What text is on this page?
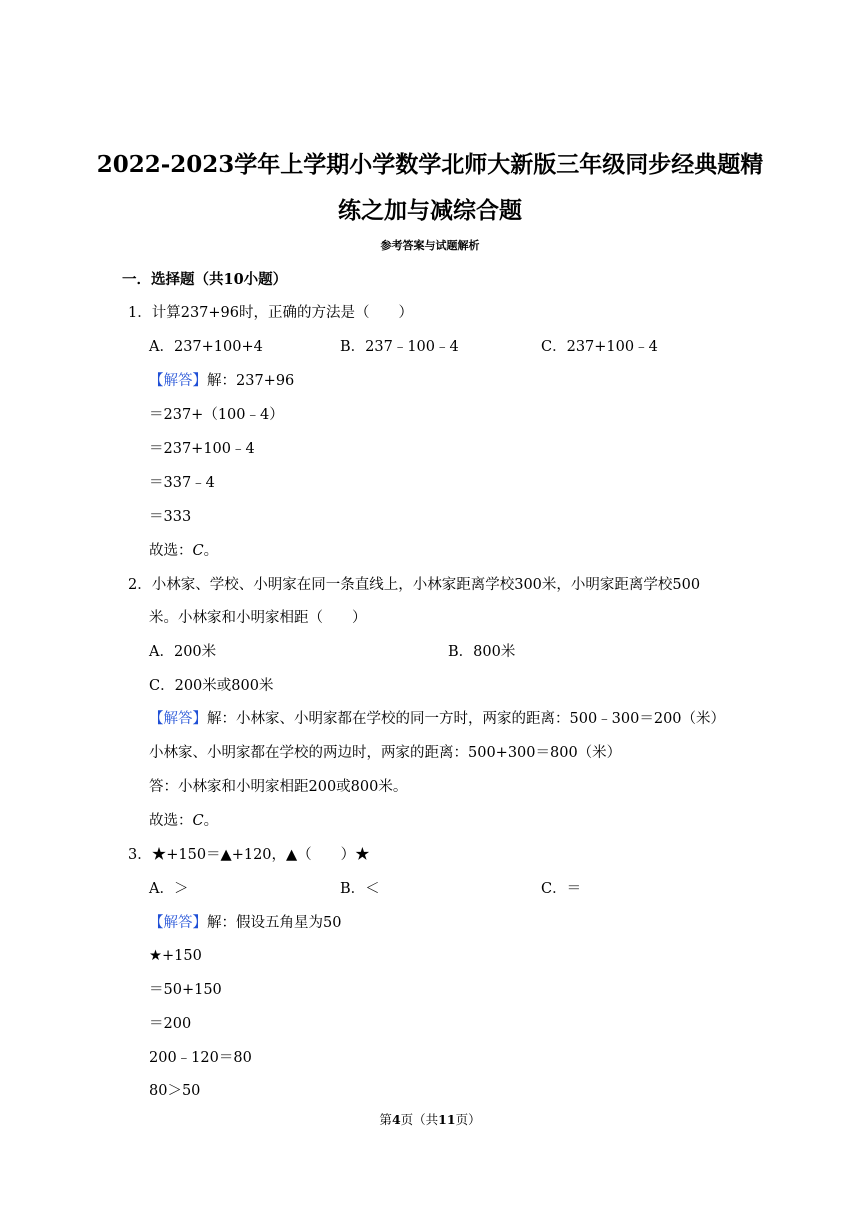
2022-2023学年上学期小学数学北师大新版三年级同步经典题精
练之加与减综合题
参考答案与试题解析
一．选择题（共10小题）
1．计算237+96时，正确的方法是（　　）
A．237+100+4	B．237﹣100﹣4	C．237+100﹣4
【解答】解：237+96
＝237+（100﹣4）
＝237+100﹣4
＝337﹣4
＝333
故选：C。
2．小林家、学校、小明家在同一条直线上，小林家距离学校300米，小明家距离学校500
米。小林家和小明家相距（　　）
A．200米	B．800米
C．200米或800米
【解答】解：小林家、小明家都在学校的同一方时，两家的距离：500﹣300＝200（米）
小林家、小明家都在学校的两边时，两家的距离：500+300＝800（米）
答：小林家和小明家相距200或800米。
故选：C。
3．★+150＝▲+120，▲（　　）★
A．＞	B．＜	C．＝
【解答】解：假设五角星为50
★+150
＝50+150
＝200
200﹣120＝80
80＞50
第4页（共11页）
